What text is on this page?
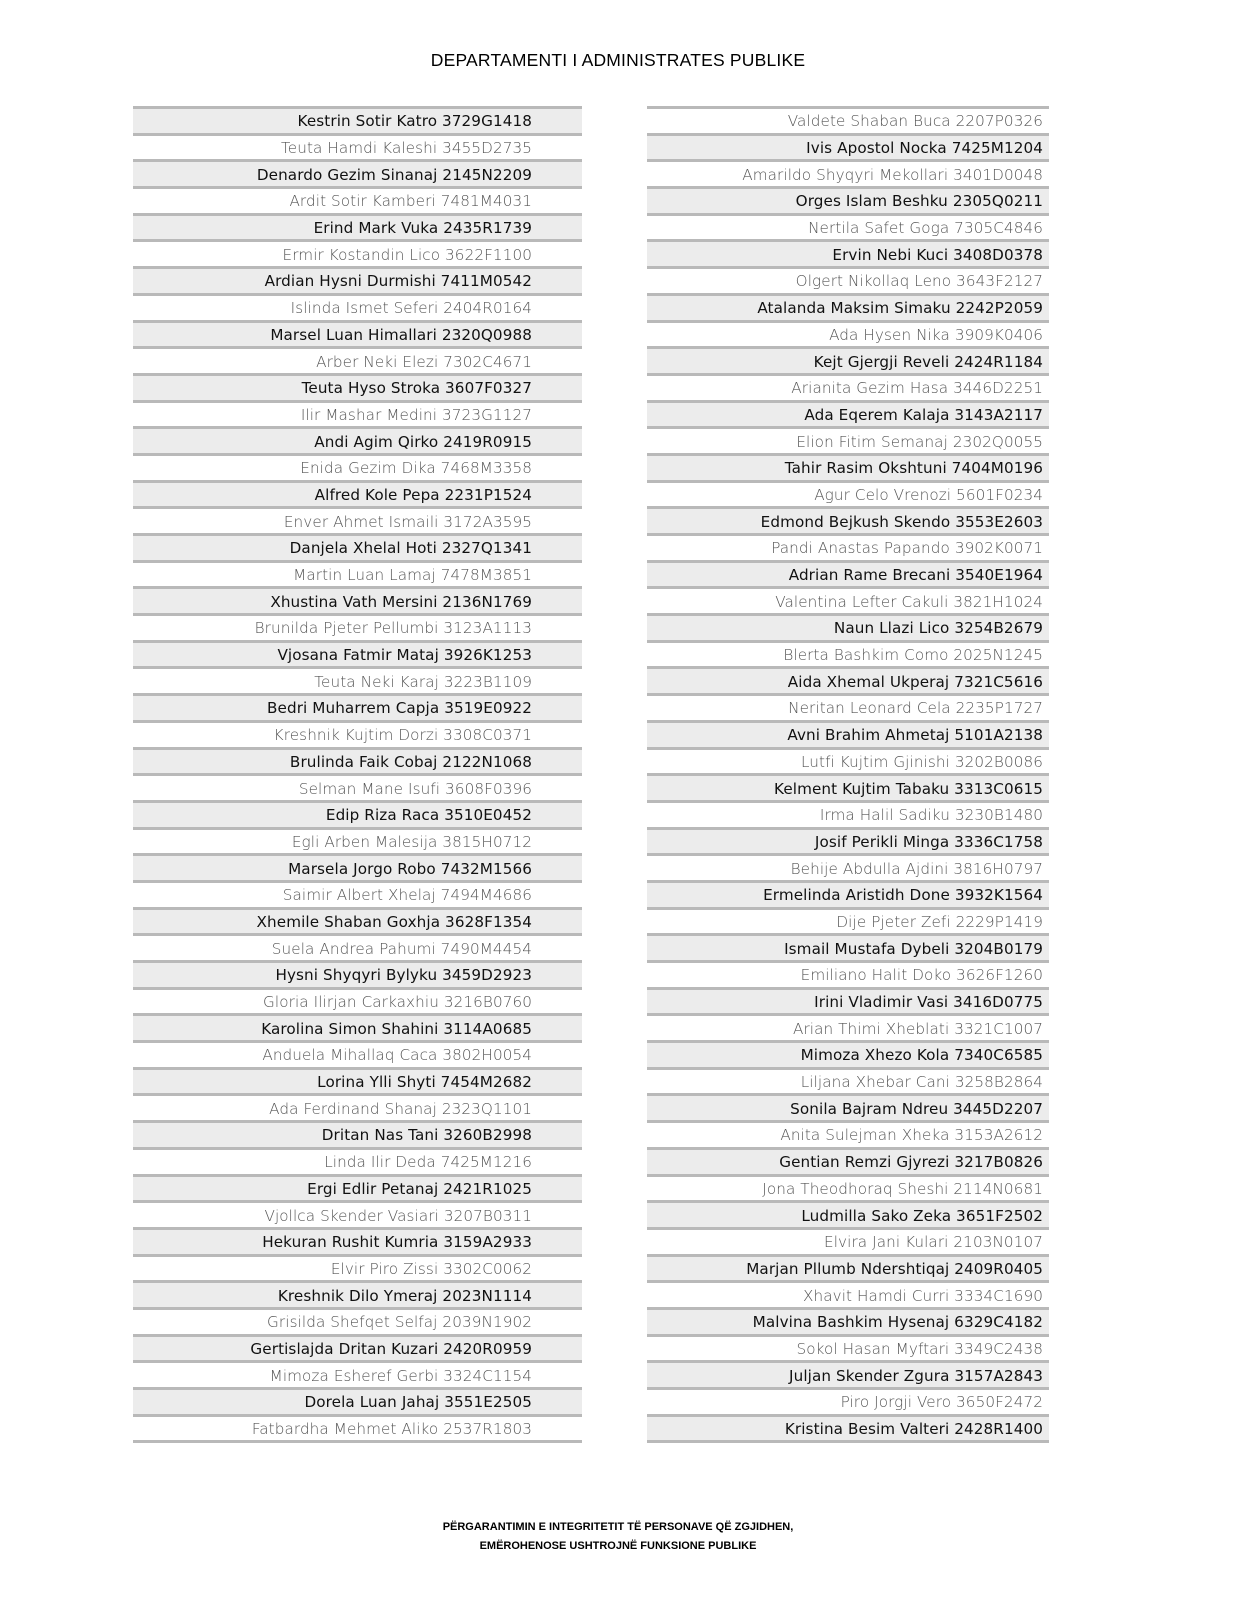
DEPARTAMENTI I ADMINISTRATES PUBLIKE
Kestrin Sotir Katro 3729G1418
Teuta Hamdi Kaleshi 3455D2735
Denardo Gezim Sinanaj 2145N2209
Ardit Sotir Kamberi 7481M4031
Erind Mark Vuka 2435R1739
Ermir Kostandin Lico 3622F1100
Ardian Hysni Durmishi 7411M0542
Islinda Ismet Seferi 2404R0164
Marsel Luan Himallari 2320Q0988
Arber Neki Elezi 7302C4671
Teuta Hyso Stroka 3607F0327
Ilir Mashar Medini 3723G1127
Andi Agim Qirko 2419R0915
Enida Gezim Dika 7468M3358
Alfred Kole Pepa 2231P1524
Enver Ahmet Ismaili 3172A3595
Danjela Xhelal Hoti 2327Q1341
Martin Luan Lamaj 7478M3851
Xhustina Vath Mersini 2136N1769
Brunilda Pjeter Pellumbi 3123A1113
Vjosana Fatmir Mataj 3926K1253
Teuta Neki Karaj 3223B1109
Bedri Muharrem Capja 3519E0922
Kreshnik Kujtim Dorzi 3308C0371
Brulinda Faik Cobaj 2122N1068
Selman Mane Isufi 3608F0396
Edip Riza Raca 3510E0452
Egli Arben Malesija 3815H0712
Marsela Jorgo Robo 7432M1566
Saimir Albert Xhelaj 7494M4686
Xhemile Shaban Goxhja 3628F1354
Suela Andrea Pahumi 7490M4454
Hysni Shyqyri Bylyku 3459D2923
Gloria Ilirjan Carkaxhiu 3216B0760
Karolina Simon Shahini 3114A0685
Anduela Mihallaq Caca 3802H0054
Lorina Ylli Shyti 7454M2682
Ada Ferdinand Shanaj 2323Q1101
Dritan Nas Tani 3260B2998
Linda Ilir Deda 7425M1216
Ergi Edlir Petanaj 2421R1025
Vjollca Skender Vasiari 3207B0311
Hekuran Rushit Kumria 3159A2933
Elvir Piro Zissi 3302C0062
Kreshnik Dilo Ymeraj 2023N1114
Grisilda Shefqet Selfaj 2039N1902
Gertislajda Dritan Kuzari 2420R0959
Mimoza Esheref Gerbi 3324C1154
Dorela Luan Jahaj 3551E2505
Fatbardha Mehmet Aliko 2537R1803
Valdete Shaban Buca 2207P0326
Ivis Apostol Nocka 7425M1204
Amarildo Shyqyri Mekollari 3401D0048
Orges Islam Beshku 2305Q0211
Nertila Safet Goga 7305C4846
Ervin Nebi Kuci 3408D0378
Olgert Nikollaq Leno 3643F2127
Atalanda Maksim Simaku 2242P2059
Ada Hysen Nika 3909K0406
Kejt Gjergji Reveli 2424R1184
Arianita Gezim Hasa 3446D2251
Ada Eqerem Kalaja 3143A2117
Elion Fitim Semanaj 2302Q0055
Tahir Rasim Okshtuni 7404M0196
Agur Celo Vrenozi 5601F0234
Edmond Bejkush Skendo 3553E2603
Pandi Anastas Papando 3902K0071
Adrian Rame Brecani 3540E1964
Valentina Lefter Cakuli 3821H1024
Naun Llazi Lico 3254B2679
Blerta Bashkim Como 2025N1245
Aida Xhemal Ukperaj 7321C5616
Neritan Leonard Cela 2235P1727
Avni Brahim Ahmetaj 5101A2138
Lutfi Kujtim Gjinishi 3202B0086
Kelment Kujtim Tabaku 3313C0615
Irma Halil Sadiku 3230B1480
Josif Perikli Minga 3336C1758
Behije Abdulla Ajdini 3816H0797
Ermelinda Aristidh Done 3932K1564
Dije Pjeter Zefi 2229P1419
Ismail Mustafa Dybeli 3204B0179
Emiliano Halit Doko 3626F1260
Irini Vladimir Vasi 3416D0775
Arian Thimi Xheblati 3321C1007
Mimoza Xhezo Kola 7340C6585
Liljana Xhebar Cani 3258B2864
Sonila Bajram Ndreu 3445D2207
Anita Sulejman Xheka 3153A2612
Gentian Remzi Gjyrezi 3217B0826
Jona Theodhoraq Sheshi 2114N0681
Ludmilla Sako Zeka 3651F2502
Elvira Jani Kulari 2103N0107
Marjan Pllumb Ndershtiqaj 2409R0405
Xhavit Hamdi Curri 3334C1690
Malvina Bashkim Hysenaj 6329C4182
Sokol Hasan Myftari 3349C2438
Juljan Skender Zgura 3157A2843
Piro Jorgji Vero 3650F2472
Kristina Besim Valteri 2428R1400
PËRGARANTIMIN E INTEGRITETIT TË PERSONAVE QË ZGJIDHEN,
EMËROHENOSE USHTROJNË FUNKSIONE PUBLIKE
